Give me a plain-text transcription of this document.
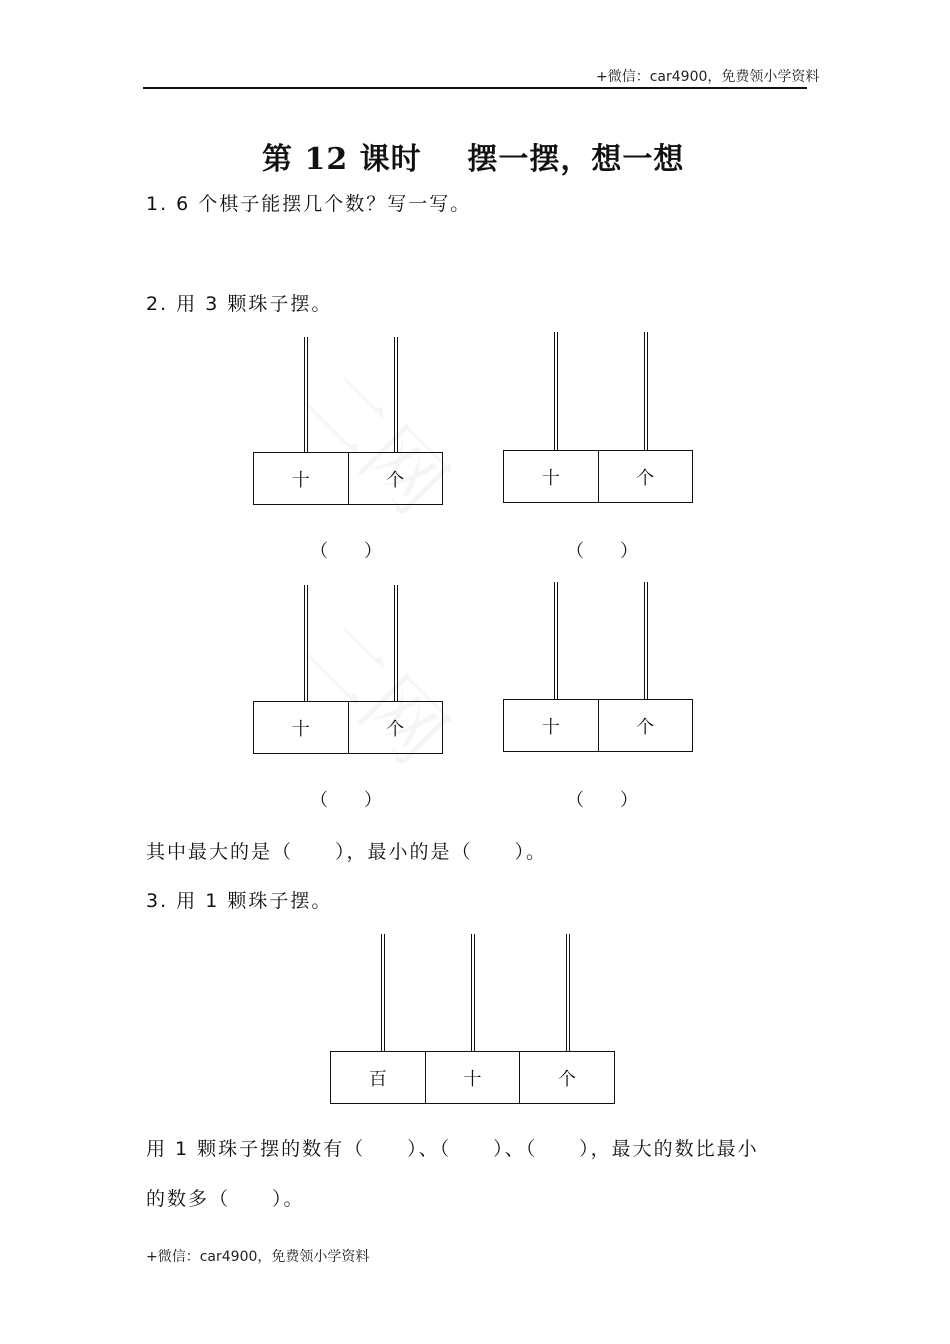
+微信：car4900，免费领小学资料
第 12 课时    摆一摆，想一想
1. 6 个棋子能摆几个数？写一写。
2. 用 3 颗珠子摆。
十	个
（　　）
十	个
（　　）
十	个
（　　）
十	个
（　　）
其中最大的是（　　），最小的是（　　）。
3. 用 1 颗珠子摆。
百	十	个
用 1 颗珠子摆的数有（　　）、（　　）、（　　），最大的数比最小
的数多（　　）。
+微信：car4900，免费领小学资料
